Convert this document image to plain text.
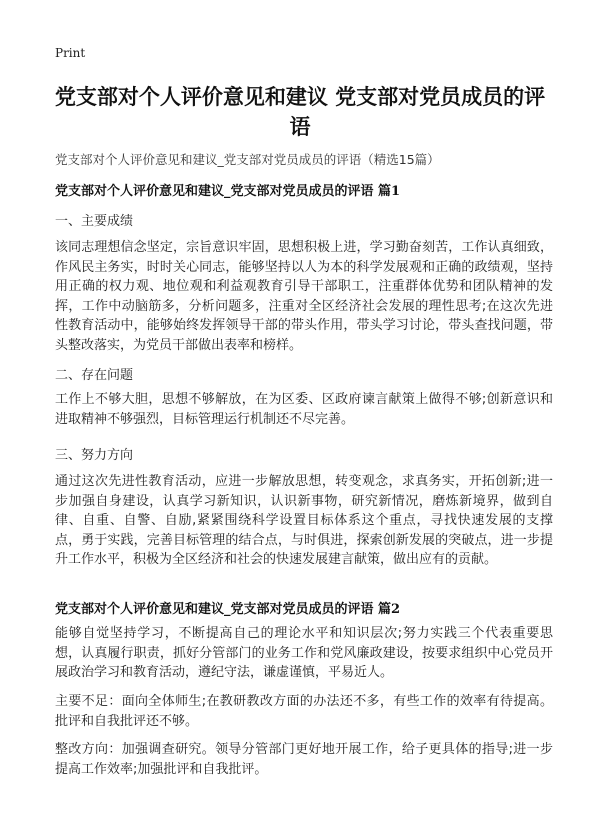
Print
党支部对个人评价意见和建议 党支部对党员成员的评语
党支部对个人评价意见和建议_党支部对党员成员的评语（精选15篇）
党支部对个人评价意见和建议_党支部对党员成员的评语 篇1
一、主要成绩
该同志理想信念坚定，宗旨意识牢固，思想积极上进，学习勤奋刻苦，工作认真细致，作风民主务实，时时关心同志，能够坚持以人为本的科学发展观和正确的政绩观，坚持用正确的权力观、地位观和利益观教育引导干部职工，注重群体优势和团队精神的发挥，工作中动脑筋多，分析问题多，注重对全区经济社会发展的理性思考;在这次先进性教育活动中，能够始终发挥领导干部的带头作用，带头学习讨论，带头查找问题，带头整改落实，为党员干部做出表率和榜样。
二、存在问题
工作上不够大胆，思想不够解放，在为区委、区政府谏言献策上做得不够;创新意识和进取精神不够强烈，目标管理运行机制还不尽完善。
三、努力方向
通过这次先进性教育活动，应进一步解放思想，转变观念，求真务实，开拓创新;进一步加强自身建设，认真学习新知识，认识新事物，研究新情况，磨炼新境界，做到自律、自重、自警、自励,紧紧围绕科学设置目标体系这个重点，寻找快速发展的支撑点，勇于实践，完善目标管理的结合点，与时俱进，探索创新发展的突破点，进一步提升工作水平，积极为全区经济和社会的快速发展建言献策，做出应有的贡献。
党支部对个人评价意见和建议_党支部对党员成员的评语 篇2
能够自觉坚持学习，不断提高自己的理论水平和知识层次;努力实践三个代表重要思想，认真履行职责，抓好分管部门的业务工作和党风廉政建设，按要求组织中心党员开展政治学习和教育活动，遵纪守法，谦虚谨慎，平易近人。
主要不足：面向全体师生;在教研教改方面的办法还不多，有些工作的效率有待提高。批评和自我批评还不够。
整改方向：加强调查研究。领导分管部门更好地开展工作，给子更具体的指导;进一步提高工作效率;加强批评和自我批评。
